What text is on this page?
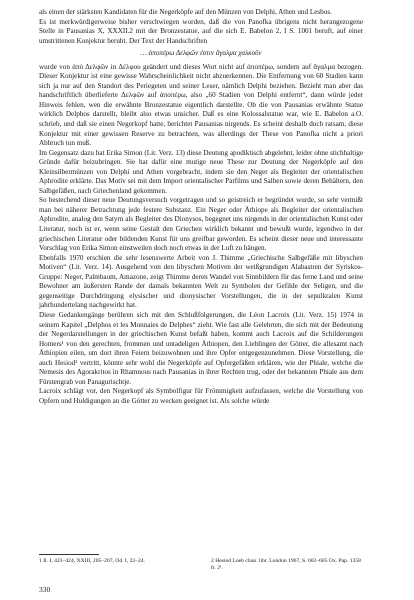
als einen der stärksten Kandidaten für die Negerköpfe auf den Münzen von Delphi, Athen und Lesbos.

Es ist merkwürdigerweise bisher verschwiegen worden, daß die von Panofka übrigens nicht herangezogene Stelle in Pausanias X, XXXII.2 mit der Bronzestatue, auf die sich E. Babelon 2, I S. 1001 beruft, auf einer umstrittenen Konjektur beruht. Der Text der Handschriften

… ἀποπέρω Δελφῶν ἐστιν ἄγαλμα χαλκοῦν

wurde von ἀπὸ Δελφῶν in Δέλφου geändert und dieses Wort nicht auf ἀποπέρω, sondern auf ἄγαλμα bezogen. Dieser Konjektur ist eine gewisse Wahrscheinlichkeit nicht abzuerkennen. Die Entfernung von 60 Stadien kann sich ja nur auf den Standort des Periegeten und seiner Leser, nämlich Delphi beziehen. Bezieht man aber das handschriftlich überlieferte Δελφῶν auf ἀποπέρω, also „60 Stadien von Delphi entfernt“, dann würde jeder Hinweis fehlen, wen die erwähnte Bronzestatue eigentlich darstellte. Ob die von Pausanias erwähnte Statue wirklich Delphos darstellt, bleibt also etwas unsicher. Daß es eine Kolossalstatue war, wie E. Babelon a.O. schrieb, und daß sie einen Negerkopf hatte, berichtet Pausanias nirgends. Es scheint deshalb doch ratsam, diese Konjektur mit einer gewissen Reserve zu betrachten, was allerdings der These von Panofka nicht a priori Abbruch tun muß.

Im Gegensatz dazu hat Erika Simon (Lit. Verz. 13) diese Deutung apodiktisch abgelehnt, leider ohne stichhaltige Gründe dafür beizubringen. Sie hat dafür eine mutige neue These zur Deutung der Negerköpfe auf den Kleinsilbermünzen von Delphi und Athen vorgebracht, indem sie den Neger als Begleiter der orientalischen Aphrodite erklärte. Das Motiv sei mit dem Import orientalischer Parfüms und Salben sowie deren Behältern, den Salbgefäßen, nach Griechenland gekommen.

So bestechend dieser neue Deutungsversuch vorgetragen und so geistreich er begründet wurde, so sehr vermißt man bei näherer Betrachtung jede festere Substanz. Ein Neger oder Äthiope als Begleiter der orientalischen Aphrodite, analog den Satyrn als Begleiter des Dionysos, begegnet uns nirgends in der orientalischen Kunst oder Literatur, noch ist er, wenn seine Gestalt den Griechen wirklich bekannt und bewußt wurde, irgendwo in der griechischen Literatur oder bildenden Kunst für uns greifbar geworden. Es scheint dieser neue und interessante Vorschlag von Erika Simon einstweilen doch noch etwas in der Luft zu hängen.

Ebenfalls 1970 erschien die sehr lesenswerte Arbeit von J. Thimme „Griechische Salbgefäße mit libyschen Motiven“ (Lit. Verz. 14). Ausgehend von den libyschen Motiven der weißgrundigen Alabastren der Syriskos-Gruppe: Neger, Palmbaum, Amazone, zeigt Thimme deren Wandel von Sinnbildern für das ferne Land und seine Bewohner am äußersten Rande der damals bekannten Welt zu Symbolen der Gefilde der Seligen, und die gegenseitige Durchdringung elysischer und dionysischer Vorstellungen, die in der sepulkralen Kunst jahrhundertelang nachgewirkt hat.

Diese Gedankengänge berühren sich mit den Schlußfolgerungen, die Léon Lacroix (Lit. Verz. 15) 1974 in seinem Kapitel „Delphos et les Monnaies de Delphes“ zieht. Wie fast alle Gelehrten, die sich mit der Bedeutung der Negerdarstellungen in der griechischen Kunst befaßt haben, kommt auch Lacroix auf die Schilderungen Homers¹ von den gerechten, frommen und untadeligen Äthiopen, den Lieblingen der Götter, die allesamt nach Äthiopien eilen, um dort ihren Feiern beizuwohnen und ihre Opfer entgegenzunehmen. Diese Vorstellung, die auch Hesiod² vertritt, könnte sehr wohl die Negerköpfe auf Opfergefäßen erklären, wie der Phiale, welche die Nemesis des Agorakritos in Rhamnous nach Pausanias in ihrer Rechten trug, oder der bekannten Phiale aus dem Fürstengrab von Panagurischtje.

Lacroix schlägt vor, den Negerkopf als Symbolfigur für Frömmigkeit aufzufassen, welche die Vorstellung von Opfern und Huldigungen an die Götter zu wecken geeignet ist. Als solche würde

1 Il. I, 423–424, XXIII, 205–207, Od. I, 22–24.	2 Hesiod Loeb class. libr. London 1967, S. 602–605 Ox. Pap. 1358 fr. 2¹.
330
